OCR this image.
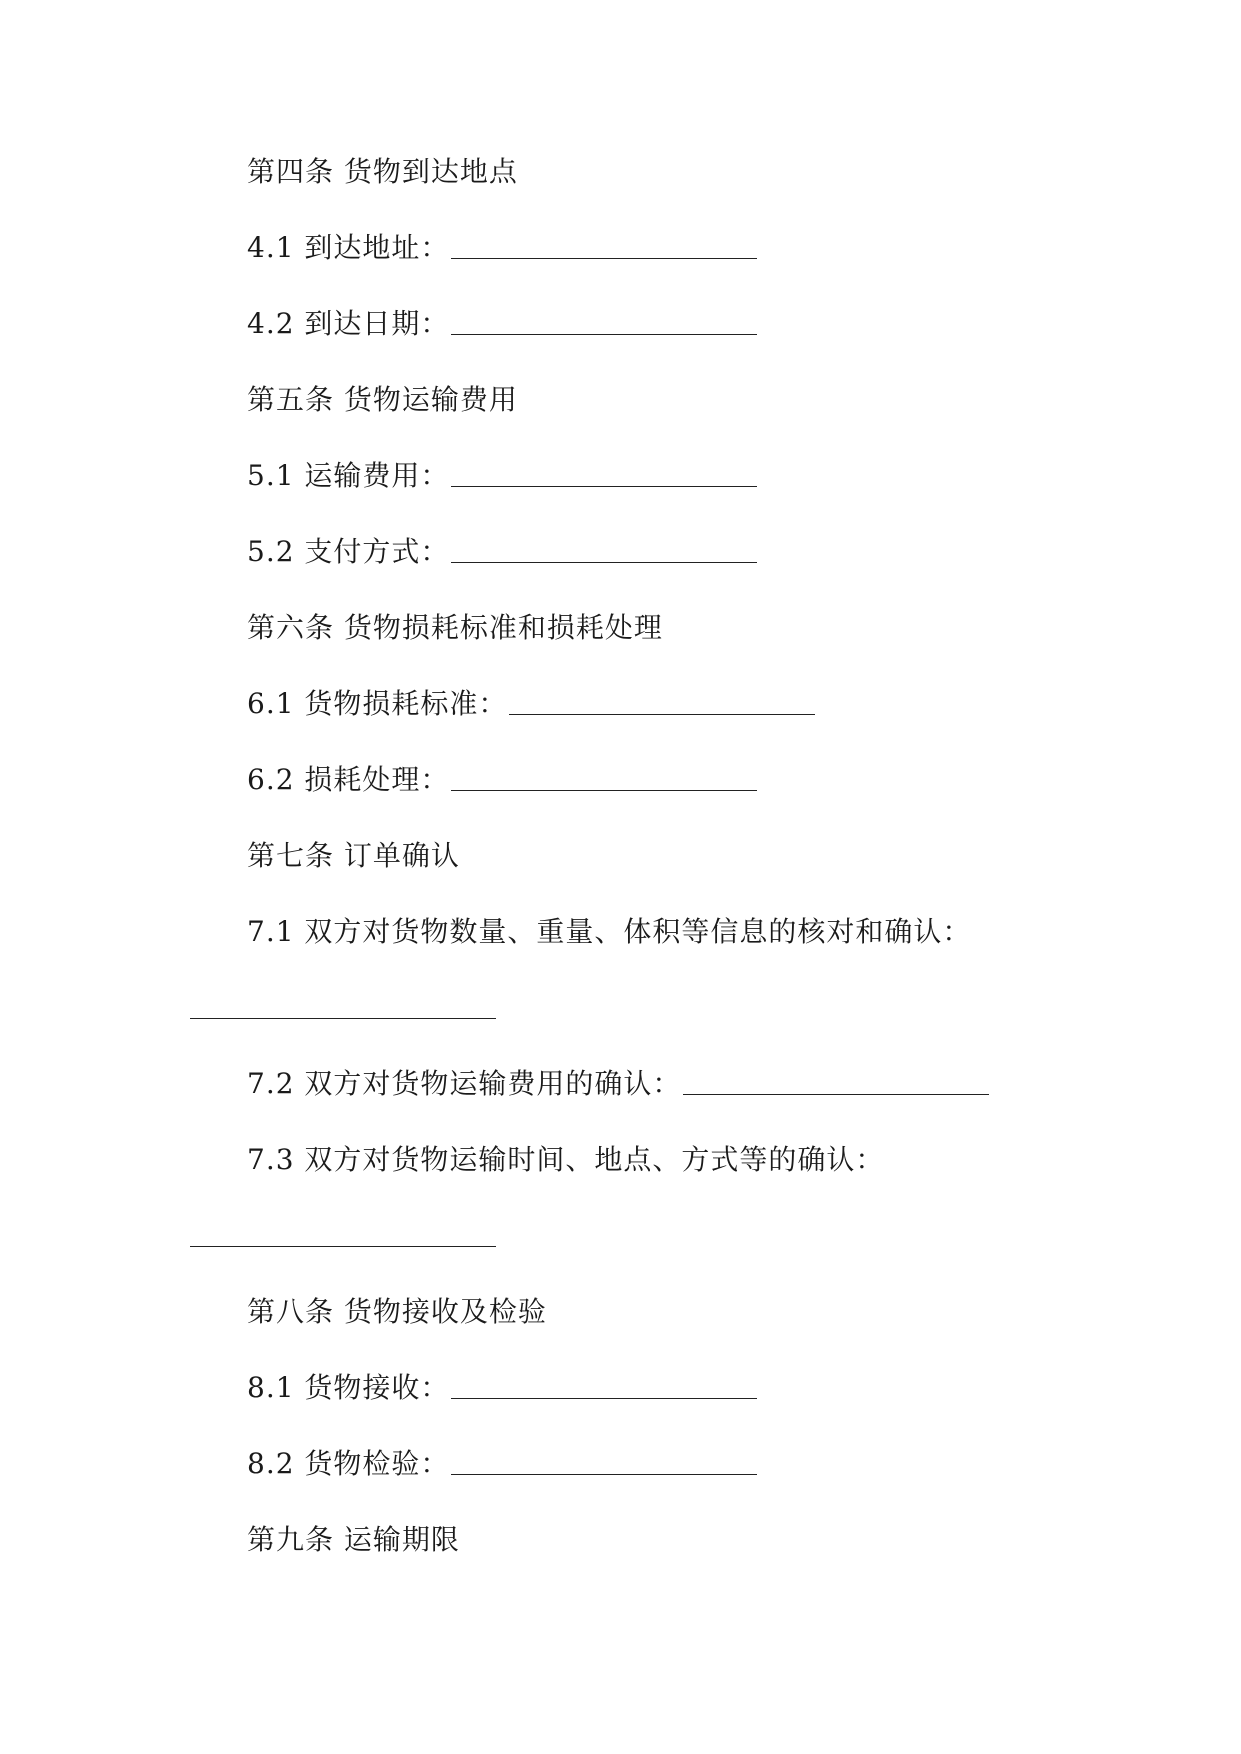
第四条 货物到达地点
4.1 到达地址：
4.2 到达日期：
第五条 货物运输费用
5.1 运输费用：
5.2 支付方式：
第六条 货物损耗标准和损耗处理
6.1 货物损耗标准：
6.2 损耗处理：
第七条 订单确认
7.1 双方对货物数量、重量、体积等信息的核对和确认：
7.2 双方对货物运输费用的确认：
7.3 双方对货物运输时间、地点、方式等的确认：
第八条 货物接收及检验
8.1 货物接收：
8.2 货物检验：
第九条 运输期限
